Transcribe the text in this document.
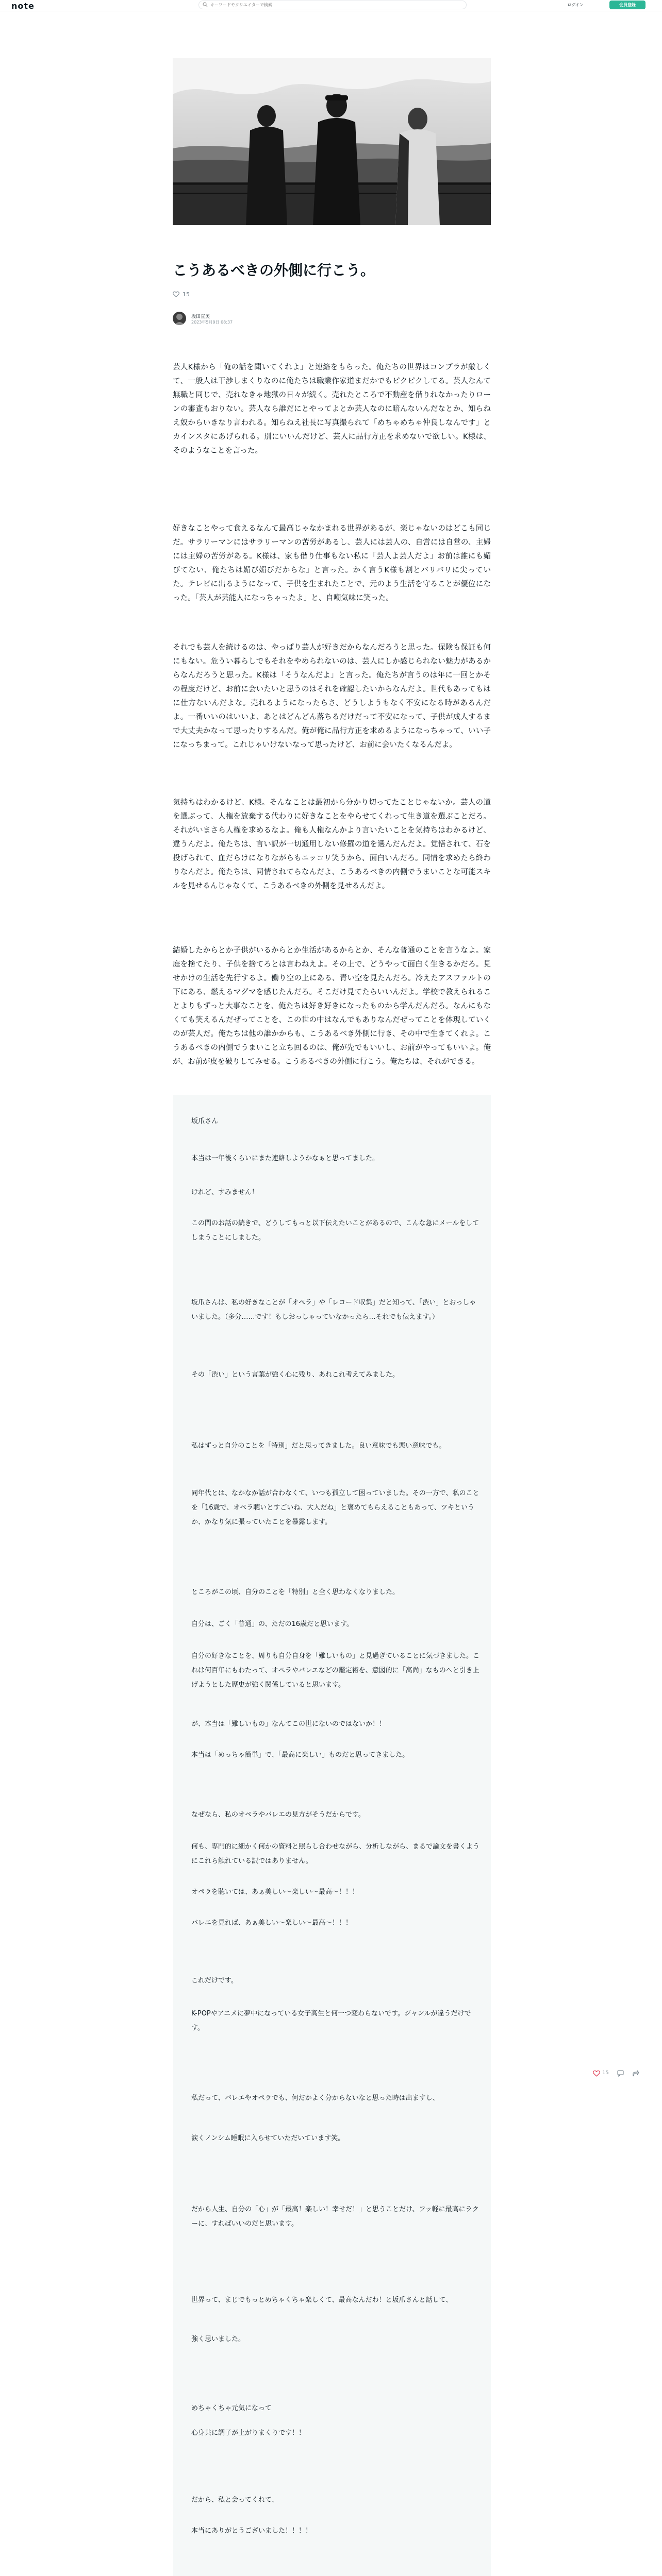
note
キーワードやクリエイターで検索	ログイン	会員登録
こうあるべきの外側に行こう。
15
坂田直美
2023年5月9日 08:37

芸人K様から「俺の話を聞いてくれよ」と連絡をもらった。俺たちの世界はコンプラが厳しくて、一般人は干渉しまくりなのに俺たちは職業作家道まだかでもピクピクしてる。芸人なんて無職と同じで、売れなきゃ地獄の日々が続く。売れたところで不動産を借りれなかったりローンの審査もおりない。芸人なら誰だにとやってよとか芸人なのに暗んないんだなとか、知らねえ奴からいきなり言われる。知らねえ社長に写真撮られて「めちゃめちゃ仲良しなんです」とカインスタにあげられる。別にいいんだけど、芸人に品行方正を求めないで欲しい。K様は、そのようなことを言った。

好きなことやって食えるなんて最高じゃなかまれる世界があるが、楽じゃないのはどこも同じだ。サラリーマンにはサラリーマンの苦労があるし、芸人には芸人の、自営には自営の、主婦には主婦の苦労がある。K様は、家も借り仕事もない私に「芸人よ芸人だよ」お前は誰にも媚びてない、俺たちは媚び媚びだからな」と言った。かく言うK様も割とバリバリに尖っていた。テレビに出るようになって、子供を生まれたことで、元のよう生活を守ることが優位になった。「芸人が芸能人になっちゃったよ」と、自嘲気味に笑った。

それでも芸人を続けるのは、やっぱり芸人が好きだからなんだろうと思った。保険も保証も何にもない。危うい暮らしでもそれをやめられないのは、芸人にしか感じられない魅力があるからなんだろうと思った。K様は「そうなんだよ」と言った。俺たちが言うのは年に一回とかその程度だけど、お前に会いたいと思うのはそれを確認したいからなんだよ。世代もあってもはに仕方ないんだよな。売れるようになったらさ、どうしようもなく不安になる時があるんだよ。一番いいのはいいよ、あとはどんどん落ちるだけだって不安になって、子供が成人するまで大丈夫かなって思ったりするんだ。俺が俺に品行方正を求めるようになっちゃって、いい子になっちまって。これじゃいけないなって思ったけど、お前に会いたくなるんだよ。

気持ちはわかるけど、K様。そんなことは最初から分かり切ってたことじゃないか。芸人の道を選ぶって、人権を放棄する代わりに好きなことをやらせてくれって生き道を選ぶことだろ。それがいまさら人権を求めるなよ。俺も人権なんかより言いたいことを気持ちはわかるけど、違うんだよ。俺たちは、言い訳が一切通用しない修羅の道を選んだんだよ。覚悟されて、石を投げられて、血だらけになりながらもニッコリ笑うから、面白いんだろ。同情を求めたら終わりなんだよ。俺たちは、同情されてらなんだよ、こうあるべきの内側でうまいことな可能スキルを見せるんじゃなくて、こうあるべきの外側を見せるんだよ。

結婚したからとか子供がいるからとか生活があるからとか、そんな普通のことを言うなよ。家庭を捨てたり、子供を捨てろとは言わねえよ。その上で、どうやって面白く生きるかだろ。見せかけの生活を先行するよ。働り空の上にある、青い空を見たんだろ。冷えたアスファルトの下にある、燃えるマグマを感じたんだろ。そこだけ見てたらいいんだよ。学校で教えられることよりもずっと大事なことを、俺たちは好き好きになったものから学んだんだろ。なんにもなくても笑えるんだぜってことを、この世の中はなんでもありなんだぜってことを体現していくのが芸人だ。俺たちは他の誰かからも、こうあるべき外側に行き、その中で生きてくれよ。こうあるべきの内側でうまいこと立ち回るのは、俺が先でもいいし、お前がやってもいいよ。俺が、お前が皮を破りしてみせる。こうあるべきの外側に行こう。俺たちは、それができる。

坂爪さん

本当は一年後くらいにまた連絡しようかなぁと思ってました。

けれど、すみません！

この間のお話の続きで、どうしてもっと以下伝えたいことがあるので、こんな急にメールをしてしまうことにしました。

坂爪さんは、私の好きなことが「オペラ」や「レコード収集」だと知って、「渋い」とおっしゃいました。（多分……です！もしおっしゃっていなかったら…それでも伝えます。）

その「渋い」という言葉が強く心に残り、あれこれ考えてみました。

私はずっと自分のことを「特別」だと思ってきました。良い意味でも悪い意味でも。

同年代とは、なかなか話が合わなくて、いつも孤立して困っていました。その一方で、私のことを「16歳で、オペラ聴いとすごいね、大人だね」と褒めてもらえることもあって、ツキというか、かなり気に張っていたことを暴露します。

ところがこの頃、自分のことを「特別」と全く思わなくなりました。

自分は、ごく「普通」の、ただの16歳だと思います。

自分の好きなことを、周りも自分自身を「難しいもの」と見過ぎていることに気づきました。これは何百年にもわたって、オペラやバレエなどの鑑定術を、意図的に「高尚」なものへと引き上げようとした歴史が強く関係していると思います。

が、本当は「難しいもの」なんてこの世にないのではないか！！

本当は「めっちゃ簡単」で、「最高に楽しい」ものだと思ってきました。

なぜなら、私のオペラやバレエの見方がそうだからです。

何も、専門的に細かく何かの資料と照らし合わせながら、分析しながら、まるで論文を書くようにこれら触れている訳ではありません。

オペラを聴いては、あぁ美しい〜楽しい〜最高〜！！！

バレエを見れば、あぁ美しい〜楽しい〜最高〜！！！

これだけです。

K-POPやアニメに夢中になっている女子高生と何一つ変わらないです。ジャンルが違うだけです。

私だって、バレエやオペラでも、何だかよく分からないなと思った時は出ますし、

涙くノンシム睡眠に入らせていただいています笑。

だから人生、自分の「心」が「最高！楽しい！幸せだ！」と思うことだけ、フッ軽に最高にラクーに、すればいいのだと思います。

世界って、まじでもっとめちゃくちゃ楽しくて、最高なんだわ！と坂爪さんと話して、

強く思いました。

めちゃくちゃ元気になって

心身共に調子が上がりまくりです！！

だから、私と会ってくれて、

本当にありがとうございました！！！！

15
